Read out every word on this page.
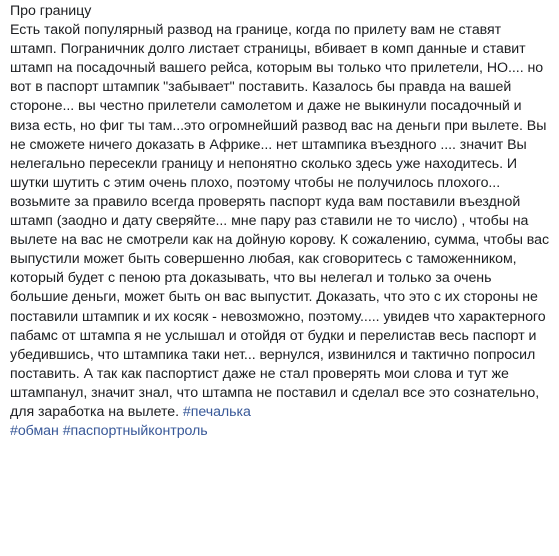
Про границу

Есть такой популярный развод на границе, когда по прилету вам не ставят штамп. Пограничник долго листает страницы, вбивает в комп данные и ставит штамп на посадочный вашего рейса, которым вы только что прилетели, НО.... но вот в паспорт штампик "забывает" поставить. Казалось бы правда на вашей стороне... вы честно прилетели самолетом и даже не выкинули посадочный и виза есть, но фиг ты там...это огромнейший развод вас на деньги при вылете. Вы не сможете ничего доказать в Африке... нет штампика въездного .... значит Вы нелегально пересекли границу и непонятно сколько здесь уже находитесь. И шутки шутить с этим очень плохо, поэтому чтобы не получилось плохого... возьмите за правило всегда проверять паспорт куда вам поставили въездной штамп (заодно и дату сверяйте... мне пару раз ставили не то число) , чтобы на вылете на вас не смотрели как на дойную корову. К сожалению, сумма, чтобы вас выпустили может быть совершенно любая, как сговоритесь с таможенником, который будет с пеною рта доказывать, что вы нелегал и только за очень большие деньги, может быть он вас выпустит. Доказать, что это с их стороны не поставили штампик и их косяк - невозможно, поэтому..... увидев что характерного пабамс от штампа я не услышал и отойдя от будки и перелистав весь паспорт и убедившись, что штампика таки нет... вернулся, извинился и тактично попросил поставить. А так как паспортист даже не стал проверять мои слова и тут же штампанул, значит знал, что штампа не поставил и сделал все это сознательно, для заработка на вылете. #печалька

#обман #паспортныйконтроль
